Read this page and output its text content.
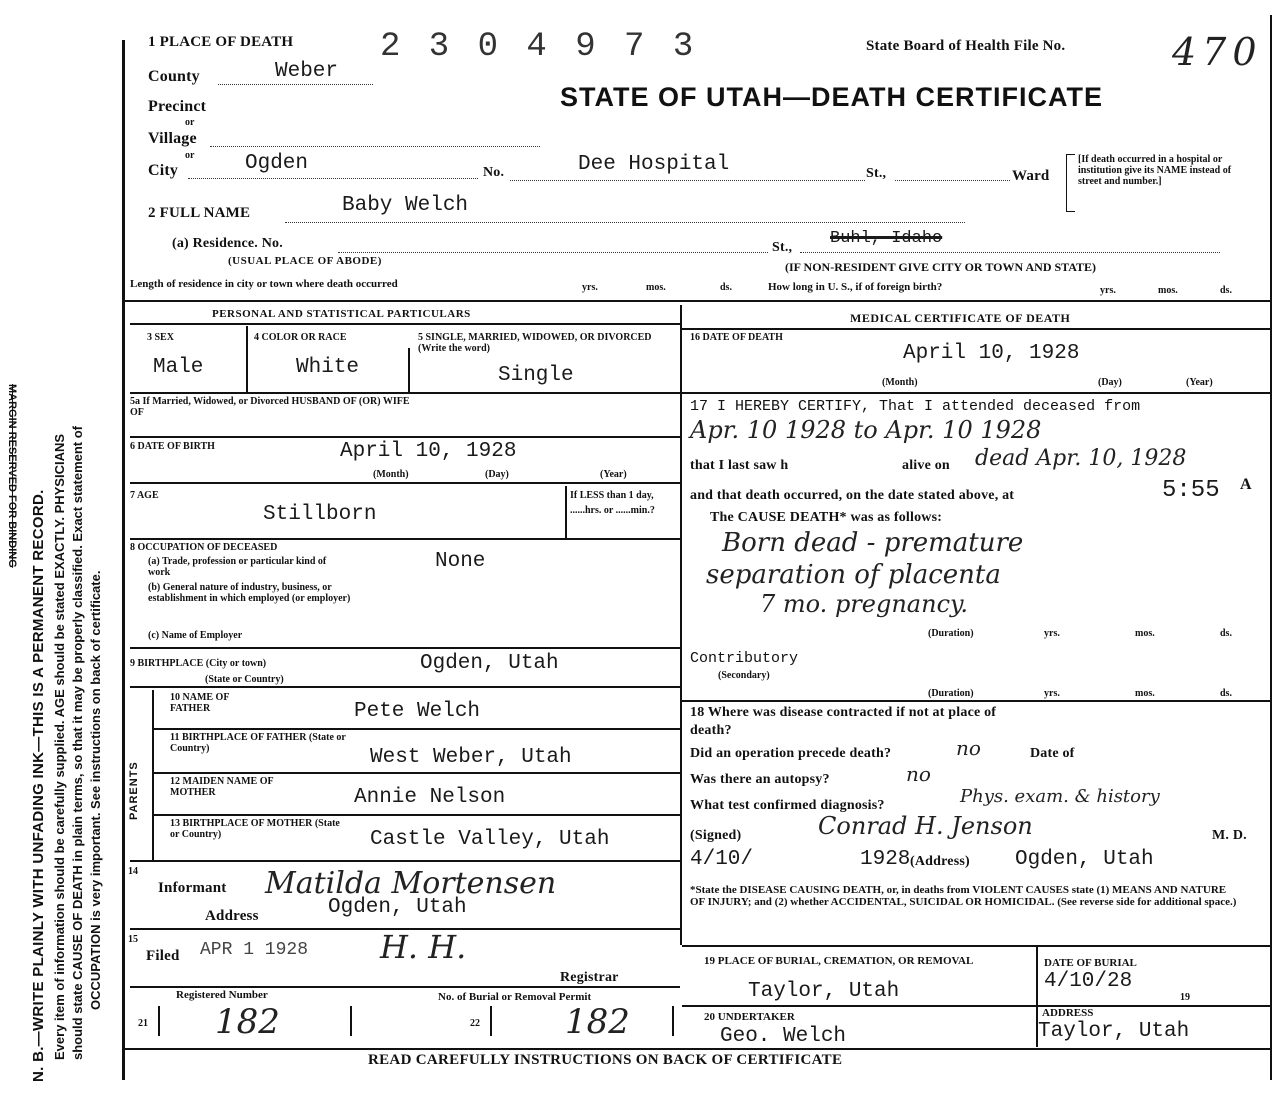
N. B.—WRITE PLAINLY WITH UNFADING INK—THIS IS A PERMANENT RECORD. Every item of information should be carefully supplied. AGE should be stated EXACTLY. PHYSICIANS should state CAUSE OF DEATH in plain terms, so that it may be properly classified. Exact statement of OCCUPATION is very important. See instructions on back of certificate.
MARGIN RESERVED FOR BINDING
1 PLACE OF DEATH	2 3 0 4 9 7 3	State Board of Health File No.	470
STATE OF UTAH—DEATH CERTIFICATE
County	Weber
Precinct
or
Village
or
City	Ogden	No.	Dee Hospital	St.,	Ward
[If death occurred in a hospital or institution give its NAME instead of street and number.]
2 FULL NAME	Baby Welch
(a) Residence. No.
(USUAL PLACE OF ABODE)
St., Buhl, Idaho
(IF NON-RESIDENT GIVE CITY OR TOWN AND STATE)
Length of residence in city or town where death occurred	yrs.	mos.	ds.	How long in U. S., if of foreign birth?	yrs.	mos.	ds.
PERSONAL AND STATISTICAL PARTICULARS
3 SEX
Male
4 COLOR OR RACE
White
5 SINGLE, MARRIED, WIDOWED, OR DIVORCED (Write the word)
Single
5a If Married, Widowed, or Divorced HUSBAND OF (OR) WIFE OF
6 DATE OF BIRTH	April 10, 1928
(Month)	(Day)	(Year)
7 AGE
Stillborn
If LESS than 1 day, ......hrs. or ......min.?
8 OCCUPATION OF DECEASED
(a) Trade, profession or particular kind of work
(b) General nature of industry, business, or establishment in which employed (or employer)
(c) Name of Employer
None
9 BIRTHPLACE (City or town)
(State or Country)
Ogden, Utah
PARENTS
10 NAME OF FATHER	Pete Welch
11 BIRTHPLACE OF FATHER (State or Country)	West Weber, Utah
12 MAIDEN NAME OF MOTHER	Annie Nelson
13 BIRTHPLACE OF MOTHER (State or Country)	Castle Valley, Utah
14
Informant Matilda Mortensen
Address	Ogden, Utah
15
Filed APR 1 1928 H. H.
Registrar
Registered Number	No. of Burial or Removal Permit
21 182	22	182
MEDICAL CERTIFICATE OF DEATH
16 DATE OF DEATH
April 10, 1928
(Month)	(Day)	(Year)
17 I HEREBY CERTIFY, That I attended deceased from
Apr. 10 1928 to Apr. 10 1928
that I last saw h	alive on dead Apr. 10, 1928
and that death occurred, on the date stated above, at	5:55 A
The CAUSE DEATH* was as follows:
Born dead - premature
separation of placenta
7 mo. pregnancy.
(Duration)	yrs.	mos.	ds.
Contributory
(Secondary)
(Duration)	yrs.	mos.	ds.
18 Where was disease contracted if not at place of death?
Did an operation precede death?	no	Date of
Was there an autopsy?	no
What test confirmed diagnosis?	Phys. exam. & history
(Signed)	Conrad H. Jenson	M. D.
4/10/	1928 (Address) Ogden, Utah
*State the DISEASE CAUSING DEATH, or, in deaths from VIOLENT CAUSES state (1) MEANS AND NATURE OF INJURY; and (2) whether ACCIDENTAL, SUICIDAL OR HOMICIDAL. (See reverse side for additional space.)
19 PLACE OF BURIAL, CREMATION, OR REMOVAL
Taylor, Utah
DATE OF BURIAL
4/10/28
19
20 UNDERTAKER
Geo. Welch
ADDRESS
Taylor, Utah
READ CAREFULLY INSTRUCTIONS ON BACK OF CERTIFICATE
